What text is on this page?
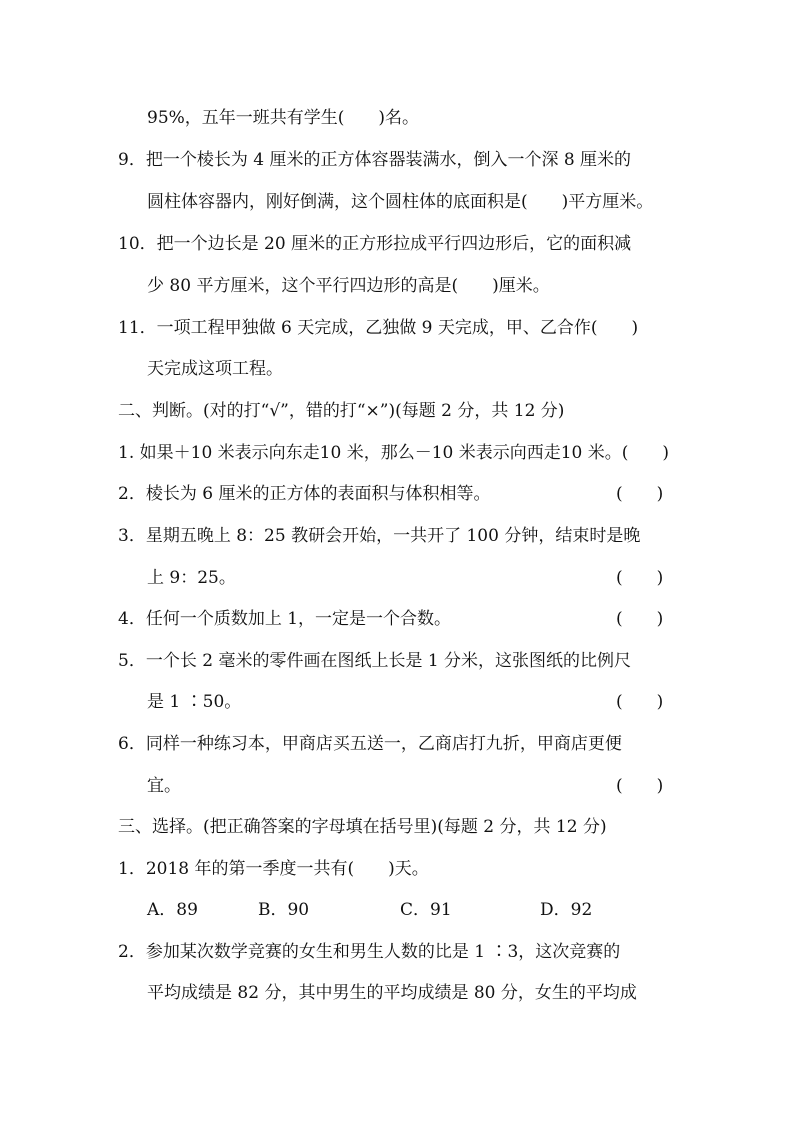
95%，五年一班共有学生(　　)名。
9．把一个棱长为 4 厘米的正方体容器装满水，倒入一个深 8 厘米的
圆柱体容器内，刚好倒满，这个圆柱体的底面积是(　　)平方厘米。
10．把一个边长是 20 厘米的正方形拉成平行四边形后，它的面积减
少 80 平方厘米，这个平行四边形的高是(　　)厘米。
11．一项工程甲独做 6 天完成，乙独做 9 天完成，甲、乙合作(　　)
天完成这项工程。
二、判断。(对的打“√”，错的打“×”)(每题 2 分，共 12 分)
1. 如果＋10 米表示向东走10 米，那么－10 米表示向西走10 米。(　　)
2．棱长为 6 厘米的正方体的表面积与体积相等。	(　　)
3．星期五晚上 8：25 教研会开始，一共开了 100 分钟，结束时是晚
上 9：25。	(　　)
4．任何一个质数加上 1，一定是一个合数。	(　　)
5．一个长 2 毫米的零件画在图纸上长是 1 分米，这张图纸的比例尺
是 1 ∶50。	(　　)
6．同样一种练习本，甲商店买五送一，乙商店打九折，甲商店更便
宜。	(　　)
三、选择。(把正确答案的字母填在括号里)(每题 2 分，共 12 分)
1．2018 年的第一季度一共有(　　)天。
A．89	B．90	C．91	D．92
2．参加某次数学竞赛的女生和男生人数的比是 1 ∶3，这次竞赛的
平均成绩是 82 分，其中男生的平均成绩是 80 分，女生的平均成
